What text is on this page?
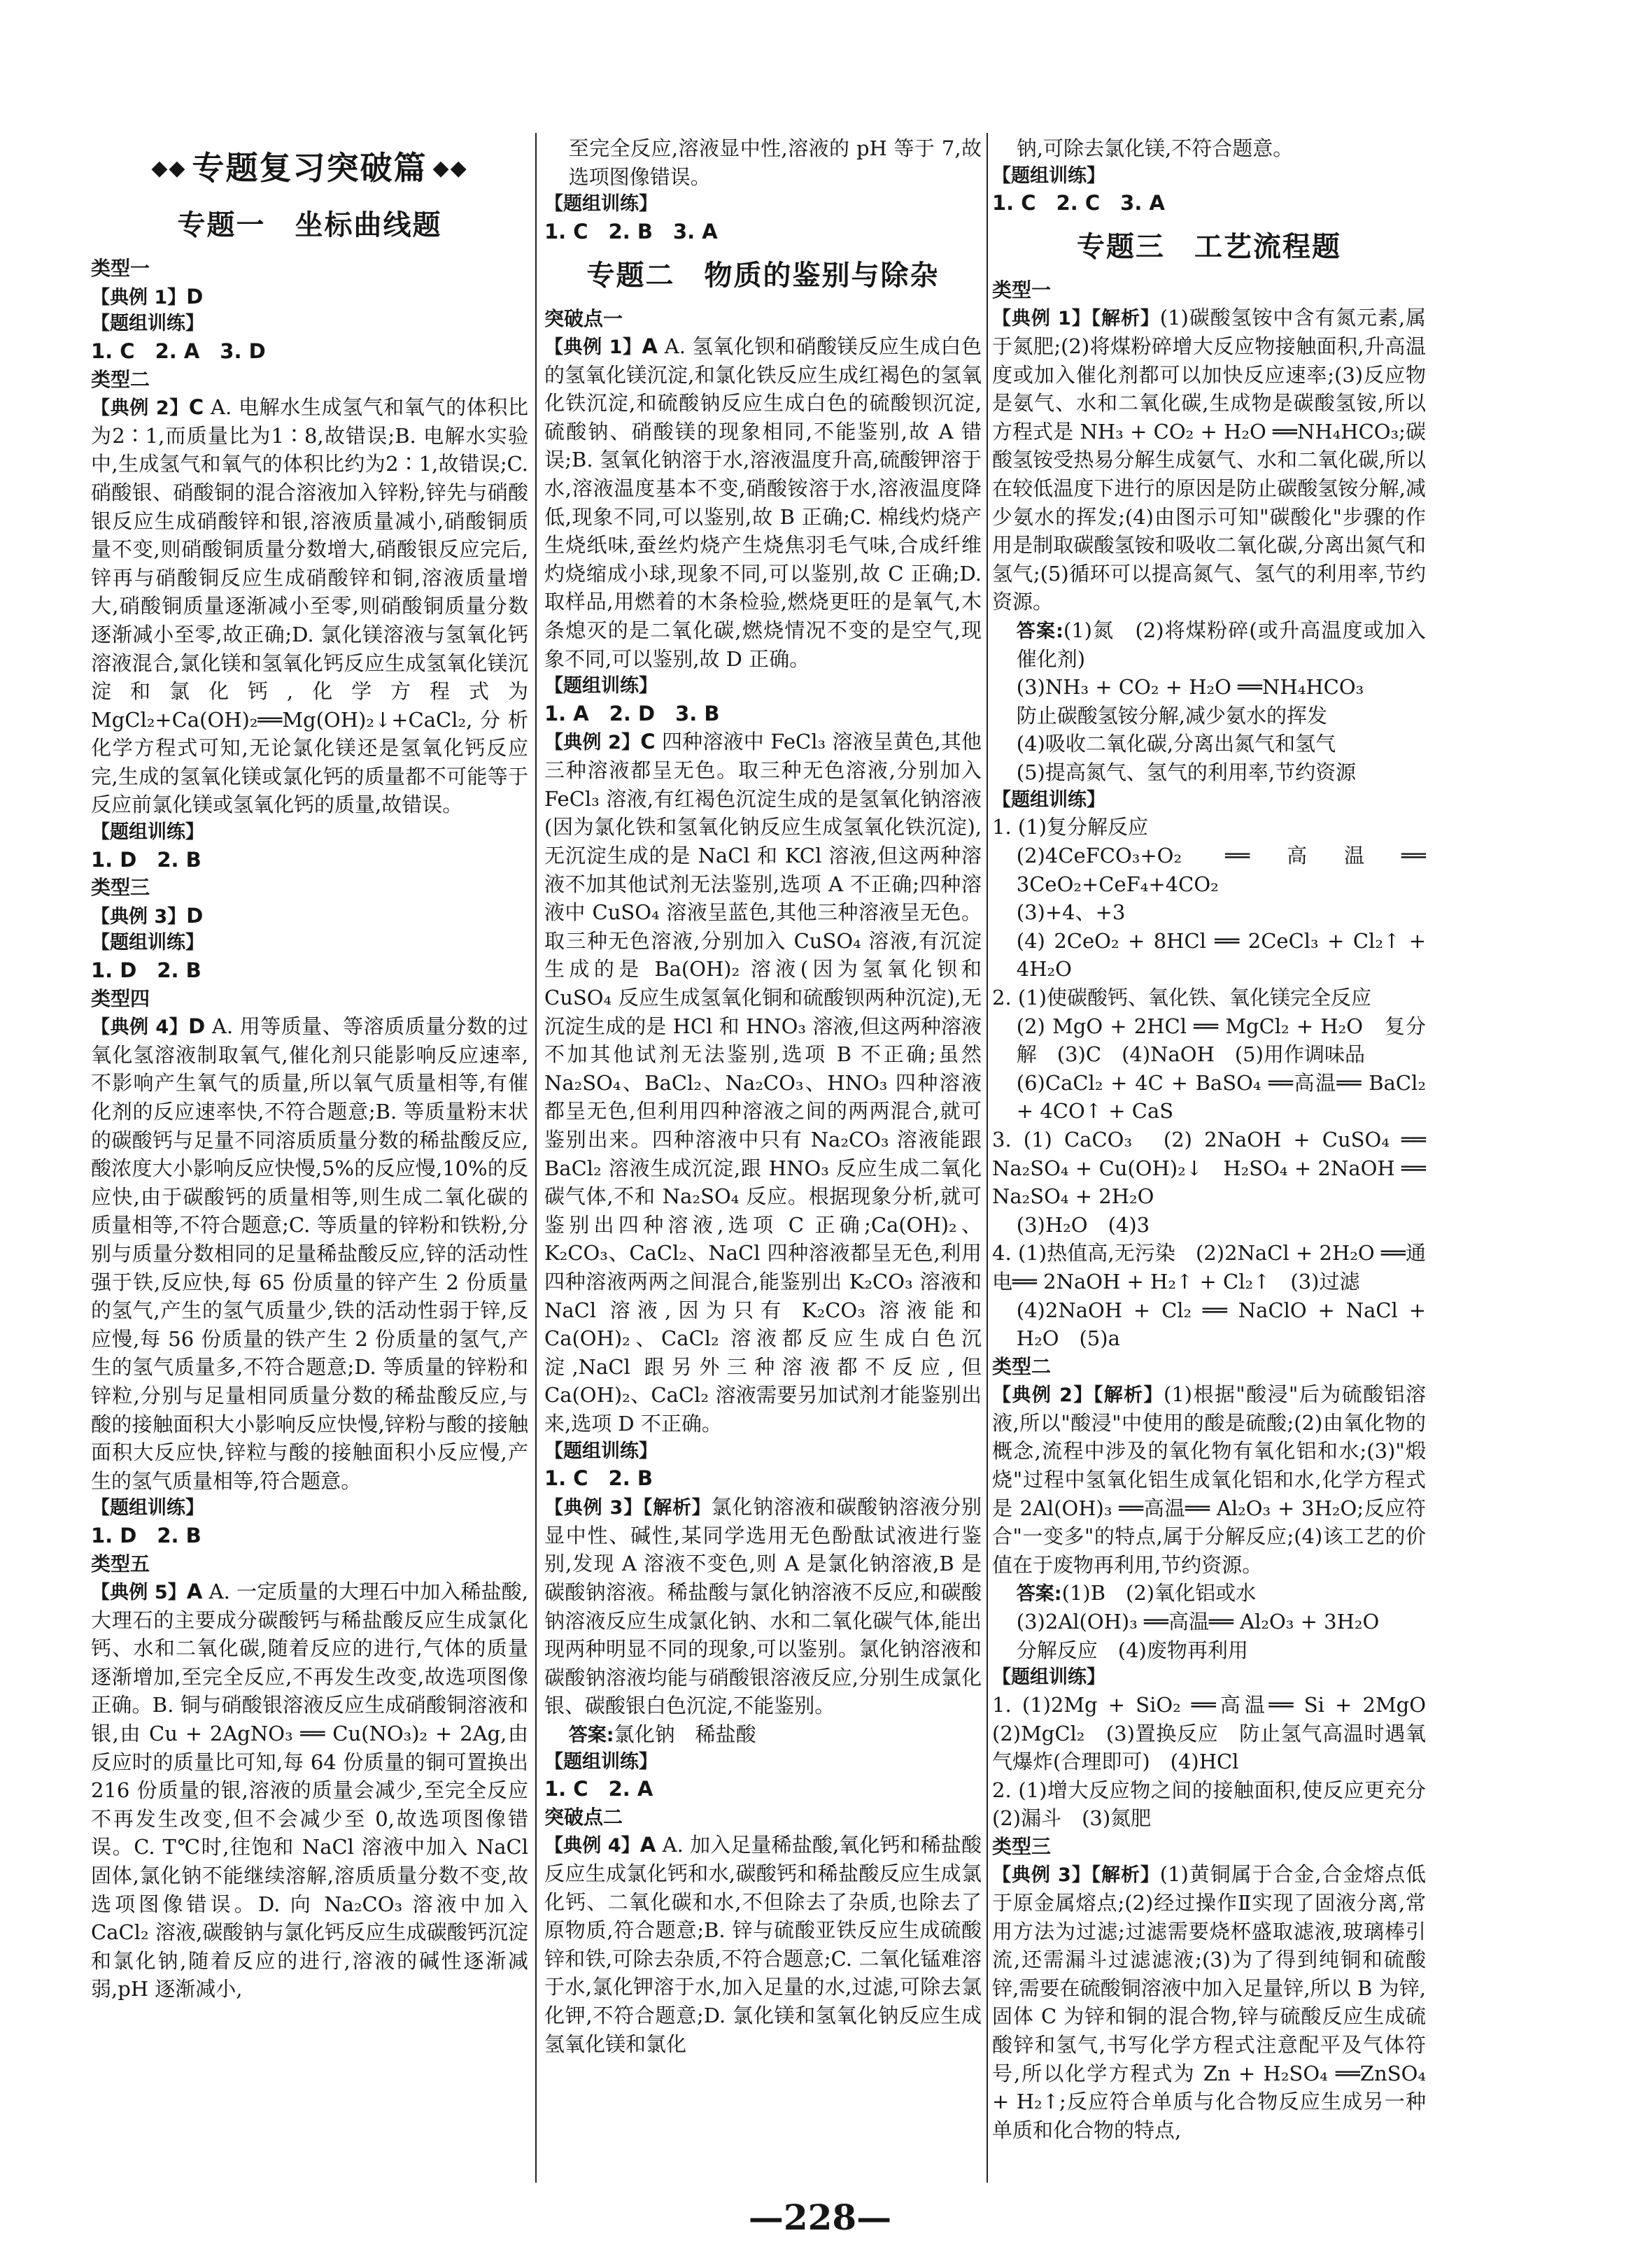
◆◆ 专题复习突破篇 ◆◆
专题一　坐标曲线题

类型一

【典例 1】D

【题组训练】

1. C　2. A　3. D

类型二

【典例 2】C A. 电解水生成氢气和氧气的体积比为2∶1,而质量比为1∶8,故错误;B. 电解水实验中,生成氢气和氧气的体积比约为2∶1,故错误;C. 硝酸银、硝酸铜的混合溶液加入锌粉,锌先与硝酸银反应生成硝酸锌和银,溶液质量减小,硝酸铜质量不变,则硝酸铜质量分数增大,硝酸银反应完后,锌再与硝酸铜反应生成硝酸锌和铜,溶液质量增大,硝酸铜质量逐渐减小至零,则硝酸铜质量分数逐渐减小至零,故正确;D. 氯化镁溶液与氢氧化钙溶液混合,氯化镁和氢氧化钙反应生成氢氧化镁沉淀和氯化钙,化学方程式为 MgCl₂+Ca(OH)₂══Mg(OH)₂↓+CaCl₂,分析化学方程式可知,无论氯化镁还是氢氧化钙反应完,生成的氢氧化镁或氯化钙的质量都不可能等于反应前氯化镁或氢氧化钙的质量,故错误。

【题组训练】

1. D　2. B

类型三

【典例 3】D

【题组训练】

1. D　2. B

类型四

【典例 4】D A. 用等质量、等溶质质量分数的过氧化氢溶液制取氧气,催化剂只能影响反应速率,不影响产生氧气的质量,所以氧气质量相等,有催化剂的反应速率快,不符合题意;B. 等质量粉末状的碳酸钙与足量不同溶质质量分数的稀盐酸反应,酸浓度大小影响反应快慢,5%的反应慢,10%的反应快,由于碳酸钙的质量相等,则生成二氧化碳的质量相等,不符合题意;C. 等质量的锌粉和铁粉,分别与质量分数相同的足量稀盐酸反应,锌的活动性强于铁,反应快,每 65 份质量的锌产生 2 份质量的氢气,产生的氢气质量少,铁的活动性弱于锌,反应慢,每 56 份质量的铁产生 2 份质量的氢气,产生的氢气质量多,不符合题意;D. 等质量的锌粉和锌粒,分别与足量相同质量分数的稀盐酸反应,与酸的接触面积大小影响反应快慢,锌粉与酸的接触面积大反应快,锌粒与酸的接触面积小反应慢,产生的氢气质量相等,符合题意。

【题组训练】

1. D　2. B

类型五

【典例 5】A A. 一定质量的大理石中加入稀盐酸,大理石的主要成分碳酸钙与稀盐酸反应生成氯化钙、水和二氧化碳,随着反应的进行,气体的质量逐渐增加,至完全反应,不再发生改变,故选项图像正确。B. 铜与硝酸银溶液反应生成硝酸铜溶液和银,由 Cu + 2AgNO₃ ══ Cu(NO₃)₂ + 2Ag,由反应时的质量比可知,每 64 份质量的铜可置换出 216 份质量的银,溶液的质量会减少,至完全反应不再发生改变,但不会减少至 0,故选项图像错误。C. T℃时,往饱和 NaCl 溶液中加入 NaCl 固体,氯化钠不能继续溶解,溶质质量分数不变,故选项图像错误。D. 向 Na₂CO₃ 溶液中加入 CaCl₂ 溶液,碳酸钠与氯化钙反应生成碳酸钙沉淀和氯化钠,随着反应的进行,溶液的碱性逐渐减弱,pH 逐渐减小,

至完全反应,溶液显中性,溶液的 pH 等于 7,故选项图像错误。

【题组训练】

1. C　2. B　3. A

专题二　物质的鉴别与除杂

突破点一

【典例 1】A A. 氢氧化钡和硝酸镁反应生成白色的氢氧化镁沉淀,和氯化铁反应生成红褐色的氢氧化铁沉淀,和硫酸钠反应生成白色的硫酸钡沉淀,硫酸钠、硝酸镁的现象相同,不能鉴别,故 A 错误;B. 氢氧化钠溶于水,溶液温度升高,硫酸钾溶于水,溶液温度基本不变,硝酸铵溶于水,溶液温度降低,现象不同,可以鉴别,故 B 正确;C. 棉线灼烧产生烧纸味,蚕丝灼烧产生烧焦羽毛气味,合成纤维灼烧缩成小球,现象不同,可以鉴别,故 C 正确;D. 取样品,用燃着的木条检验,燃烧更旺的是氧气,木条熄灭的是二氧化碳,燃烧情况不变的是空气,现象不同,可以鉴别,故 D 正确。

【题组训练】

1. A　2. D　3. B

【典例 2】C 四种溶液中 FeCl₃ 溶液呈黄色,其他三种溶液都呈无色。取三种无色溶液,分别加入 FeCl₃ 溶液,有红褐色沉淀生成的是氢氧化钠溶液(因为氯化铁和氢氧化钠反应生成氢氧化铁沉淀),无沉淀生成的是 NaCl 和 KCl 溶液,但这两种溶液不加其他试剂无法鉴别,选项 A 不正确;四种溶液中 CuSO₄ 溶液呈蓝色,其他三种溶液呈无色。取三种无色溶液,分别加入 CuSO₄ 溶液,有沉淀生成的是 Ba(OH)₂ 溶液(因为氢氧化钡和 CuSO₄ 反应生成氢氧化铜和硫酸钡两种沉淀),无沉淀生成的是 HCl 和 HNO₃ 溶液,但这两种溶液不加其他试剂无法鉴别,选项 B 不正确;虽然 Na₂SO₄、BaCl₂、Na₂CO₃、HNO₃ 四种溶液都呈无色,但利用四种溶液之间的两两混合,就可鉴别出来。四种溶液中只有 Na₂CO₃ 溶液能跟 BaCl₂ 溶液生成沉淀,跟 HNO₃ 反应生成二氧化碳气体,不和 Na₂SO₄ 反应。根据现象分析,就可鉴别出四种溶液,选项 C 正确;Ca(OH)₂、K₂CO₃、CaCl₂、NaCl 四种溶液都呈无色,利用四种溶液两两之间混合,能鉴别出 K₂CO₃ 溶液和 NaCl 溶液,因为只有 K₂CO₃ 溶液能和 Ca(OH)₂、CaCl₂ 溶液都反应生成白色沉淀,NaCl 跟另外三种溶液都不反应,但Ca(OH)₂、CaCl₂ 溶液需要另加试剂才能鉴别出来,选项 D 不正确。

【题组训练】

1. C　2. B

【典例 3】【解析】氯化钠溶液和碳酸钠溶液分别显中性、碱性,某同学选用无色酚酞试液进行鉴别,发现 A 溶液不变色,则 A 是氯化钠溶液,B 是碳酸钠溶液。稀盐酸与氯化钠溶液不反应,和碳酸钠溶液反应生成氯化钠、水和二氧化碳气体,能出现两种明显不同的现象,可以鉴别。氯化钠溶液和碳酸钠溶液均能与硝酸银溶液反应,分别生成氯化银、碳酸银白色沉淀,不能鉴别。

答案:氯化钠　稀盐酸

【题组训练】

1. C　2. A

突破点二

【典例 4】A A. 加入足量稀盐酸,氧化钙和稀盐酸反应生成氯化钙和水,碳酸钙和稀盐酸反应生成氯化钙、二氧化碳和水,不但除去了杂质,也除去了原物质,符合题意;B. 锌与硫酸亚铁反应生成硫酸锌和铁,可除去杂质,不符合题意;C. 二氧化锰难溶于水,氯化钾溶于水,加入足量的水,过滤,可除去氯化钾,不符合题意;D. 氯化镁和氢氧化钠反应生成氢氧化镁和氯化

钠,可除去氯化镁,不符合题意。

【题组训练】

1. C　2. C　3. A

专题三　工艺流程题

类型一

【典例 1】【解析】(1)碳酸氢铵中含有氮元素,属于氮肥;(2)将煤粉碎增大反应物接触面积,升高温度或加入催化剂都可以加快反应速率;(3)反应物是氨气、水和二氧化碳,生成物是碳酸氢铵,所以方程式是 NH₃ + CO₂ + H₂O ══NH₄HCO₃;碳酸氢铵受热易分解生成氨气、水和二氧化碳,所以在较低温度下进行的原因是防止碳酸氢铵分解,减少氨水的挥发;(4)由图示可知"碳酸化"步骤的作用是制取碳酸氢铵和吸收二氧化碳,分离出氮气和氢气;(5)循环可以提高氮气、氢气的利用率,节约资源。

答案:(1)氮　(2)将煤粉碎(或升高温度或加入催化剂)

(3)NH₃ + CO₂ + H₂O ══NH₄HCO₃

防止碳酸氢铵分解,减少氨水的挥发

(4)吸收二氧化碳,分离出氮气和氢气

(5)提高氮气、氢气的利用率,节约资源

【题组训练】

1. (1)复分解反应

(2)4CeFCO₃+O₂ ══高温══ 3CeO₂+CeF₄+4CO₂

(3)+4、+3

(4) 2CeO₂ + 8HCl ══ 2CeCl₃ + Cl₂↑ + 4H₂O

2. (1)使碳酸钙、氧化铁、氧化镁完全反应

(2) MgO + 2HCl ══ MgCl₂ + H₂O　复分解　(3)C　(4)NaOH　(5)用作调味品

(6)CaCl₂ + 4C + BaSO₄ ══高温══ BaCl₂ + 4CO↑ + CaS

3. (1) CaCO₃　(2) 2NaOH + CuSO₄ ══ Na₂SO₄ + Cu(OH)₂↓　H₂SO₄ + 2NaOH ══ Na₂SO₄ + 2H₂O

(3)H₂O　(4)3

4. (1)热值高,无污染　(2)2NaCl + 2H₂O ══通电══ 2NaOH + H₂↑ + Cl₂↑　(3)过滤

(4)2NaOH + Cl₂ ══ NaClO + NaCl + H₂O　(5)a

类型二

【典例 2】【解析】(1)根据"酸浸"后为硫酸铝溶液,所以"酸浸"中使用的酸是硫酸;(2)由氧化物的概念,流程中涉及的氧化物有氧化铝和水;(3)"煅烧"过程中氢氧化铝生成氧化铝和水,化学方程式是 2Al(OH)₃ ══高温══ Al₂O₃ + 3H₂O;反应符合"一变多"的特点,属于分解反应;(4)该工艺的价值在于废物再利用,节约资源。

答案:(1)B　(2)氧化铝或水

(3)2Al(OH)₃ ══高温══ Al₂O₃ + 3H₂O

分解反应　(4)废物再利用

【题组训练】

1. (1)2Mg + SiO₂ ══高温══ Si + 2MgO　(2)MgCl₂　(3)置换反应　防止氢气高温时遇氧气爆炸(合理即可)　(4)HCl

2. (1)增大反应物之间的接触面积,使反应更充分　(2)漏斗　(3)氮肥

类型三

【典例 3】【解析】(1)黄铜属于合金,合金熔点低于原金属熔点;(2)经过操作Ⅱ实现了固液分离,常用方法为过滤;过滤需要烧杯盛取滤液,玻璃棒引流,还需漏斗过滤滤液;(3)为了得到纯铜和硫酸锌,需要在硫酸铜溶液中加入足量锌,所以 B 为锌,固体 C 为锌和铜的混合物,锌与硫酸反应生成硫酸锌和氢气,书写化学方程式注意配平及气体符号,所以化学方程式为 Zn + H₂SO₄ ══ZnSO₄ + H₂↑;反应符合单质与化合物反应生成另一种单质和化合物的特点,

—228—
